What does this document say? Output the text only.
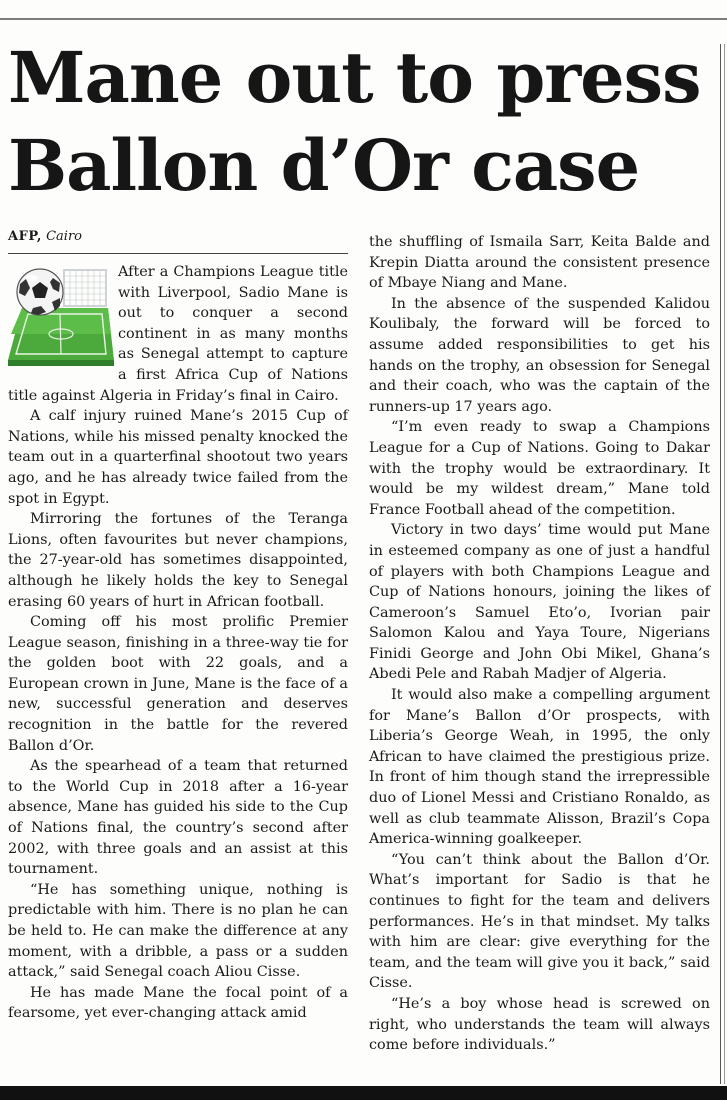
Mane out to press Ballon d’Or case
AFP, Cairo

After a Champions League title with Liverpool, Sadio Mane is out to conquer a second continent in as many months as Senegal attempt to capture a first Africa Cup of Nations title against Algeria in Friday’s final in Cairo.

A calf injury ruined Mane’s 2015 Cup of Nations, while his missed penalty knocked the team out in a quarterfinal shootout two years ago, and he has already twice failed from the spot in Egypt.

Mirroring the fortunes of the Teranga Lions, often favourites but never champions, the 27-year-old has sometimes disappointed, although he likely holds the key to Senegal erasing 60 years of hurt in African football.

Coming off his most prolific Premier League season, finishing in a three-way tie for the golden boot with 22 goals, and a European crown in June, Mane is the face of a new, successful generation and deserves recognition in the battle for the revered Ballon d’Or.

As the spearhead of a team that returned to the World Cup in 2018 after a 16-year absence, Mane has guided his side to the Cup of Nations final, the country’s second after 2002, with three goals and an assist at this tournament.

“He has something unique, nothing is predictable with him. There is no plan he can be held to. He can make the difference at any moment, with a dribble, a pass or a sudden attack,” said Senegal coach Aliou Cisse.

He has made Mane the focal point of a fearsome, yet ever-changing attack amid

the shuffling of Ismaila Sarr, Keita Balde and Krepin Diatta around the consistent presence of Mbaye Niang and Mane.

In the absence of the suspended Kalidou Koulibaly, the forward will be forced to assume added responsibilities to get his hands on the trophy, an obsession for Senegal and their coach, who was the captain of the runners-up 17 years ago.

“I’m even ready to swap a Champions League for a Cup of Nations. Going to Dakar with the trophy would be extraordinary. It would be my wildest dream,” Mane told France Football ahead of the competition.

Victory in two days’ time would put Mane in esteemed company as one of just a handful of players with both Champions League and Cup of Nations honours, joining the likes of Cameroon’s Samuel Eto’o, Ivorian pair Salomon Kalou and Yaya Toure, Nigerians Finidi George and John Obi Mikel, Ghana’s Abedi Pele and Rabah Madjer of Algeria.

It would also make a compelling argument for Mane’s Ballon d’Or prospects, with Liberia’s George Weah, in 1995, the only African to have claimed the prestigious prize. In front of him though stand the irrepressible duo of Lionel Messi and Cristiano Ronaldo, as well as club teammate Alisson, Brazil’s Copa America-winning goalkeeper.

“You can’t think about the Ballon d’Or. What’s important for Sadio is that he continues to fight for the team and delivers performances. He’s in that mindset. My talks with him are clear: give everything for the team, and the team will give you it back,” said Cisse.

“He’s a boy whose head is screwed on right, who understands the team will always come before individuals.”
